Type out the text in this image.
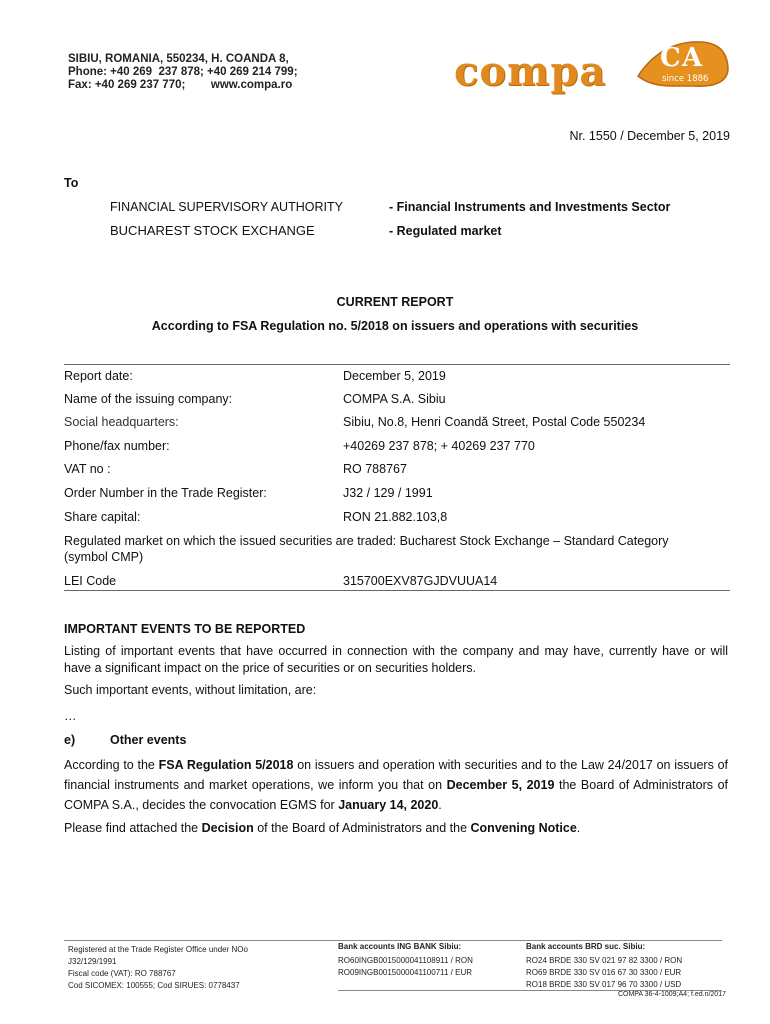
SIBIU, ROMANIA, 550234, H. COANDA 8,
Phone: +40 269  237 878; +40 269 214 799;
Fax: +40 269 237 770;        www.compa.ro	compa C A
since 1886
Nr. 1550 / December 5, 2019
To
FINANCIAL SUPERVISORY AUTHORITY	- Financial Instruments and Investments Sector
BUCHAREST STOCK EXCHANGE	- Regulated market
CURRENT REPORT
According to FSA Regulation no. 5/2018 on issuers and operations with securities
Report date:	December 5, 2019
Name of the issuing company:	COMPA S.A. Sibiu
Social headquarters:	Sibiu, No.8, Henri Coandă Street, Postal Code 550234
Phone/fax number:	+40269 237 878; + 40269 237 770
VAT no :	RO 788767
Order Number in the Trade Register:	J32 / 129 / 1991
Share capital:	RON 21.882.103,8
Regulated market on which the issued securities are traded: Bucharest Stock Exchange – Standard Category (symbol CMP)
LEI Code	315700EXV87GJDVUUA14
IMPORTANT EVENTS TO BE REPORTED
Listing of important events that have occurred in connection with the company and may have, currently have or will have a significant impact on the price of securities or on securities holders.
Such important events, without limitation, are:
…
e)	Other events
According to the FSA Regulation 5/2018 on issuers and operation with securities and to the Law 24/2017 on issuers of financial instruments and market operations, we inform you that on December 5, 2019 the Board of Administrators of COMPA S.A., decides the convocation EGMS for January 14, 2020.
Please find attached the Decision of the Board of Administrators and the Convening Notice.
Registered at the Trade Register Office under NOo
J32/129/1991
Fiscal code (VAT): RO 788767
Cod SICOMEX: 100555; Cod SIRUES: 0778437
Bank accounts ING BANK Sibiu:
RO60INGB0015000041108911 / RON
RO09INGB0015000041100711 / EUR
Bank accounts BRD suc. Sibiu:
RO24 BRDE 330 SV 021 97 82 3300 / RON
RO69 BRDE 330 SV 016 67 30 3300 / EUR
RO18 BRDE 330 SV 017 96 70 3300 / USD
COMPA 36-4-1009;A4; f.ed.n/2017
